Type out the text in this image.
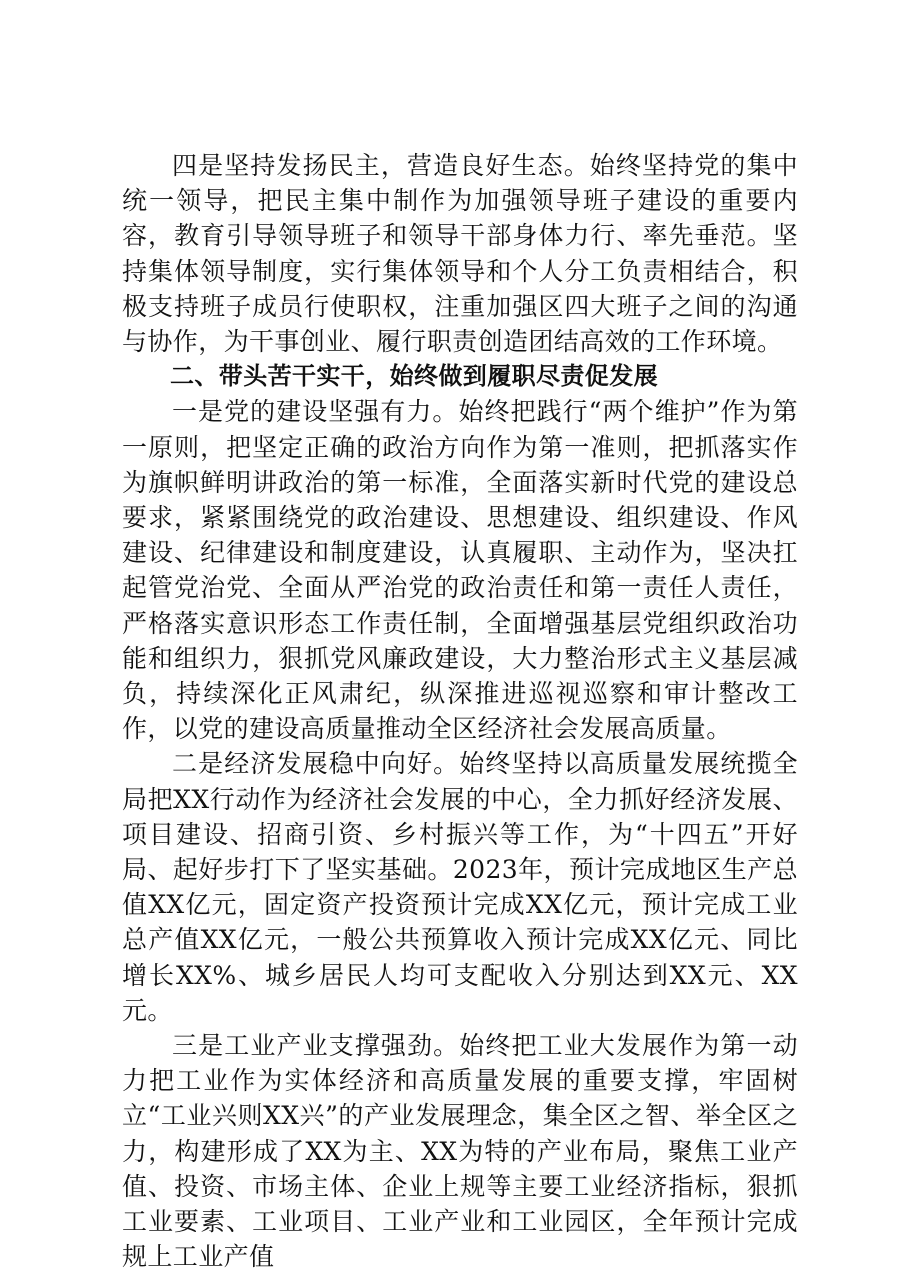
四是坚持发扬民主，营造良好生态。始终坚持党的集中统一领导，把民主集中制作为加强领导班子建设的重要内容，教育引导领导班子和领导干部身体力行、率先垂范。坚持集体领导制度，实行集体领导和个人分工负责相结合，积极支持班子成员行使职权，注重加强区四大班子之间的沟通与协作，为干事创业、履行职责创造团结高效的工作环境。

二、带头苦干实干，始终做到履职尽责促发展

一是党的建设坚强有力。始终把践行“两个维护”作为第一原则，把坚定正确的政治方向作为第一准则，把抓落实作为旗帜鲜明讲政治的第一标准，全面落实新时代党的建设总要求，紧紧围绕党的政治建设、思想建设、组织建设、作风建设、纪律建设和制度建设，认真履职、主动作为，坚决扛起管党治党、全面从严治党的政治责任和第一责任人责任，严格落实意识形态工作责任制，全面增强基层党组织政治功能和组织力，狠抓党风廉政建设，大力整治形式主义基层减负，持续深化正风肃纪，纵深推进巡视巡察和审计整改工作，以党的建设高质量推动全区经济社会发展高质量。

二是经济发展稳中向好。始终坚持以高质量发展统揽全局把XX行动作为经济社会发展的中心，全力抓好经济发展、项目建设、招商引资、乡村振兴等工作，为“十四五”开好局、起好步打下了坚实基础。2023年，预计完成地区生产总值XX亿元，固定资产投资预计完成XX亿元，预计完成工业总产值XX亿元，一般公共预算收入预计完成XX亿元、同比增长XX%、城乡居民人均可支配收入分别达到XX元、XX元。

三是工业产业支撑强劲。始终把工业大发展作为第一动力把工业作为实体经济和高质量发展的重要支撑，牢固树立“工业兴则XX兴”的产业发展理念，集全区之智、举全区之力，构建形成了XX为主、XX为特的产业布局，聚焦工业产值、投资、市场主体、企业上规等主要工业经济指标，狠抓工业要素、工业项目、工业产业和工业园区，全年预计完成规上工业产值
